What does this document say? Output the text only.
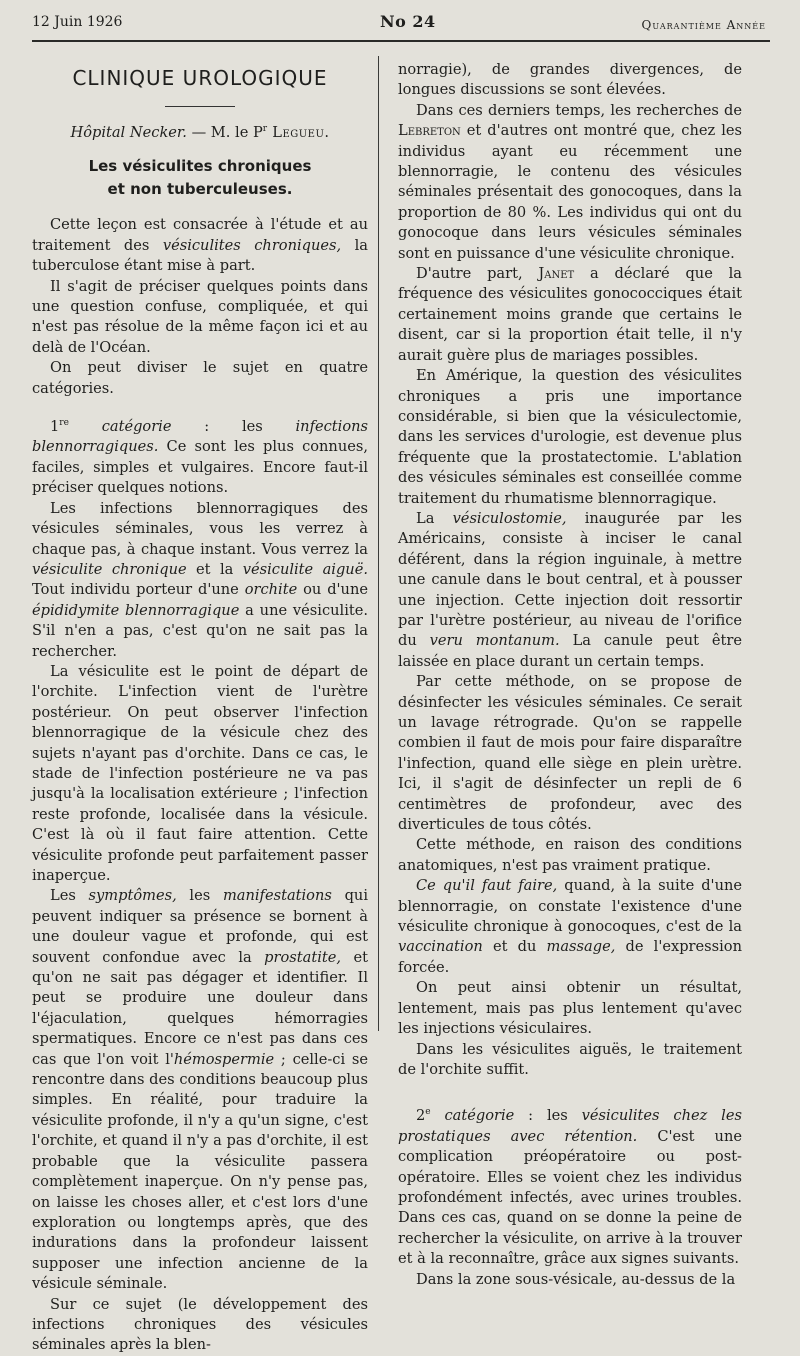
12 Juin 1926	No 24	Quarantième Année
CLINIQUE UROLOGIQUE
Hôpital Necker. — M. le $P^r$ Legueu.
Les vésiculites chroniques
et non tuberculeuses.

Cette leçon est consacrée à l'étude et au traitement des vésiculites chroniques, la tuberculose étant mise à part.

Il s'agit de préciser quelques points dans une question confuse, compliquée, et qui n'est pas résolue de la même façon ici et au delà de l'Océan.

On peut diviser le sujet en quatre catégories.

1re catégorie : les infections blennorragiques. Ce sont les plus connues, faciles, simples et vulgaires. Encore faut-il préciser quelques notions.

Les infections blennorragiques des vésicules séminales, vous les verrez à chaque pas, à chaque instant. Vous verrez la vésiculite chronique et la vésiculite aiguë. Tout individu porteur d'une orchite ou d'une épididymite blennorragique a une vésiculite. S'il n'en a pas, c'est qu'on ne sait pas la rechercher.

La vésiculite est le point de départ de l'orchite. L'infection vient de l'urètre postérieur. On peut observer l'infection blennorragique de la vésicule chez des sujets n'ayant pas d'orchite. Dans ce cas, le stade de l'infection postérieure ne va pas jusqu'à la localisation extérieure ; l'infection reste profonde, localisée dans la vésicule. C'est là où il faut faire attention. Cette vésiculite profonde peut parfaitement passer inaperçue.

Les symptômes, les manifestations qui peuvent indiquer sa présence se bornent à une douleur vague et profonde, qui est souvent confondue avec la prostatite, et qu'on ne sait pas dégager et identifier. Il peut se produire une douleur dans l'éjaculation, quelques hémorragies spermatiques. Encore ce n'est pas dans ces cas que l'on voit l'hémospermie ; celle-ci se rencontre dans des conditions beaucoup plus simples. En réalité, pour traduire la vésiculite profonde, il n'y a qu'un signe, c'est l'orchite, et quand il n'y a pas d'orchite, il est probable que la vésiculite passera complètement inaperçue. On n'y pense pas, on laisse les choses aller, et c'est lors d'une exploration ou longtemps après, que des indurations dans la profondeur laissent supposer une infection ancienne de la vésicule séminale.

Sur ce sujet (le développement des infections chroniques des vésicules séminales après la blen-

norragie), de grandes divergences, de longues discussions se sont élevées.

Dans ces derniers temps, les recherches de Lebreton et d'autres ont montré que, chez les individus ayant eu récemment une blennorragie, le contenu des vésicules séminales présentait des gonocoques, dans la proportion de 80 %. Les individus qui ont du gonocoque dans leurs vésicules séminales sont en puissance d'une vésiculite chronique.

D'autre part, Janet a déclaré que la fréquence des vésiculites gonococciques était certainement moins grande que certains le disent, car si la proportion était telle, il n'y aurait guère plus de mariages possibles.

En Amérique, la question des vésiculites chroniques a pris une importance considérable, si bien que la vésiculectomie, dans les services d'urologie, est devenue plus fréquente que la prostatectomie. L'ablation des vésicules séminales est conseillée comme traitement du rhumatisme blennorragique.

La vésiculostomie, inaugurée par les Américains, consiste à inciser le canal déférent, dans la région inguinale, à mettre une canule dans le bout central, et à pousser une injection. Cette injection doit ressortir par l'urètre postérieur, au niveau de l'orifice du veru montanum. La canule peut être laissée en place durant un certain temps.

Par cette méthode, on se propose de désinfecter les vésicules séminales. Ce serait un lavage rétrograde. Qu'on se rappelle combien il faut de mois pour faire disparaître l'infection, quand elle siège en plein urètre. Ici, il s'agit de désinfecter un repli de 6 centimètres de profondeur, avec des diverticules de tous côtés.

Cette méthode, en raison des conditions anatomiques, n'est pas vraiment pratique.

Ce qu'il faut faire, quand, à la suite d'une blennorragie, on constate l'existence d'une vésiculite chronique à gonocoques, c'est de la vaccination et du massage, de l'expression forcée.

On peut ainsi obtenir un résultat, lentement, mais pas plus lentement qu'avec les injections vésiculaires.

Dans les vésiculites aiguës, le traitement de l'orchite suffit.

2e catégorie : les vésiculites chez les prostatiques avec rétention. C'est une complication préopératoire ou post-opératoire. Elles se voient chez les individus profondément infectés, avec urines troubles. Dans ces cas, quand on se donne la peine de rechercher la vésiculite, on arrive à la trouver et à la reconnaître, grâce aux signes suivants.

Dans la zone sous-vésicale, au-dessus de la
